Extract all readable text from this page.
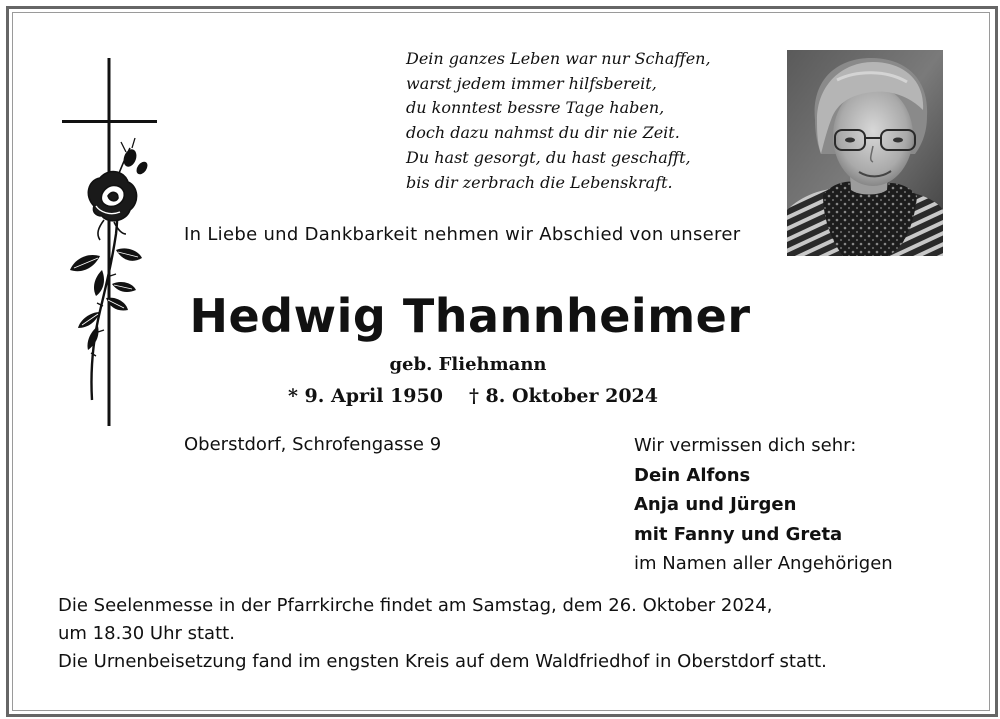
Dein ganzes Leben war nur Schaffen,
warst jedem immer hilfsbereit,
du konntest bessre Tage haben,
doch dazu nahmst du dir nie Zeit.
Du hast gesorgt, du hast geschafft,
bis dir zerbrach die Lebenskraft.
In Liebe und Dankbarkeit nehmen wir Abschied von unserer
Hedwig Thannheimer
geb. Fliehmann
* 9. April 1950 † 8. Oktober 2024
Oberstdorf, Schrofengasse 9	Wir vermissen dich sehr:
Dein Alfons
Anja und Jürgen
mit Fanny und Greta
im Namen aller Angehörigen
Die Seelenmesse in der Pfarrkirche findet am Samstag, dem 26. Oktober 2024,
um 18.30 Uhr statt.
Die Urnenbeisetzung fand im engsten Kreis auf dem Waldfriedhof in Oberstdorf statt.
